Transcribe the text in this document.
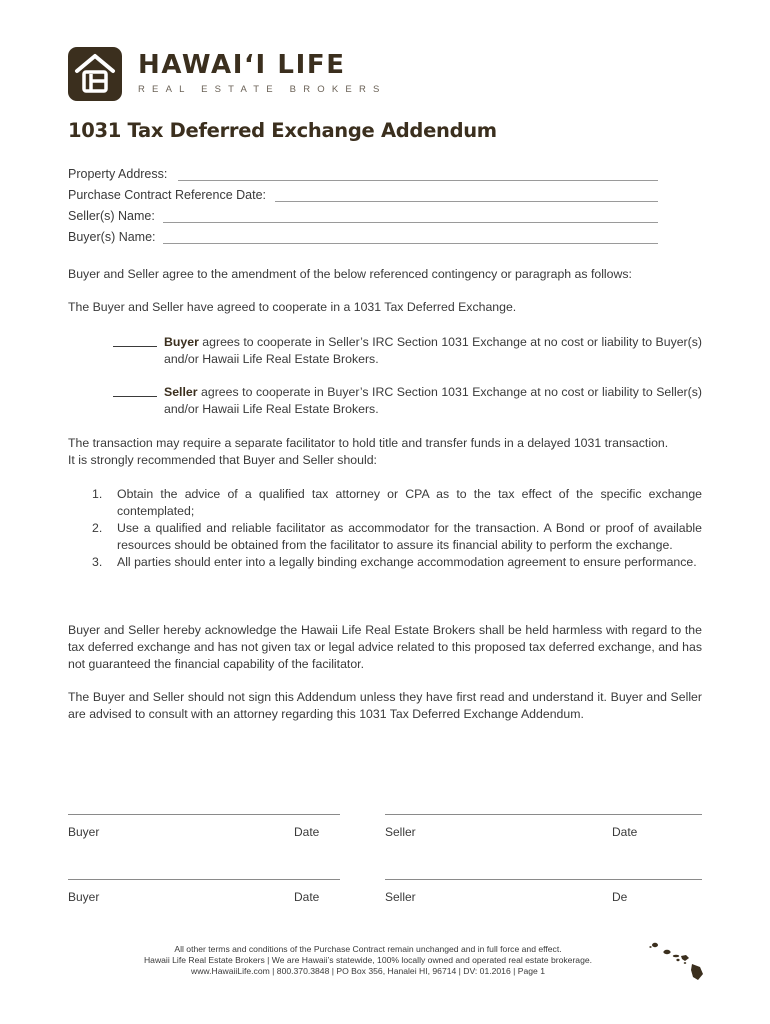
HAWAI‘I LIFE
REAL ESTATE BROKERS
1031 Tax Deferred Exchange Addendum
Property Address:
Purchase Contract Reference Date:
Seller(s) Name:
Buyer(s) Name:
Buyer and Seller agree to the amendment of the below referenced contingency or paragraph as follows:
The Buyer and Seller have agreed to cooperate in a 1031 Tax Deferred Exchange.
Buyer agrees to cooperate in Seller’s IRC Section 1031 Exchange at no cost or liability to Buyer(s) and/or Hawaii Life Real Estate Brokers.
Seller agrees to cooperate in Buyer’s IRC Section 1031 Exchange at no cost or liability to Seller(s) and/or Hawaii Life Real Estate Brokers.
The transaction may require a separate facilitator to hold title and transfer funds in a delayed 1031 transaction.
It is strongly recommended that Buyer and Seller should:
1. Obtain the advice of a qualified tax attorney or CPA as to the tax effect of the specific exchange contemplated;
2. Use a qualified and reliable facilitator as accommodator for the transaction. A Bond or proof of available resources should be obtained from the facilitator to assure its financial ability to perform the exchange.
3. All parties should enter into a legally binding exchange accommodation agreement to ensure performance.
Buyer and Seller hereby acknowledge the Hawaii Life Real Estate Brokers shall be held harmless with regard to the tax deferred exchange and has not given tax or legal advice related to this proposed tax deferred exchange, and has not guaranteed the financial capability of the facilitator.
The Buyer and Seller should not sign this Addendum unless they have first read and understand it. Buyer and Seller are advised to consult with an attorney regarding this 1031 Tax Deferred Exchange Addendum.
Buyer	Date	Seller	Date
Buyer	Date	Seller	De
All other terms and conditions of the Purchase Contract remain unchanged and in full force and effect.
Hawaii Life Real Estate Brokers | We are Hawaii’s statewide, 100% locally owned and operated real estate brokerage.
www.HawaiiLife.com | 800.370.3848 | PO Box 356, Hanalei HI, 96714 | DV: 01.2016 | Page 1
